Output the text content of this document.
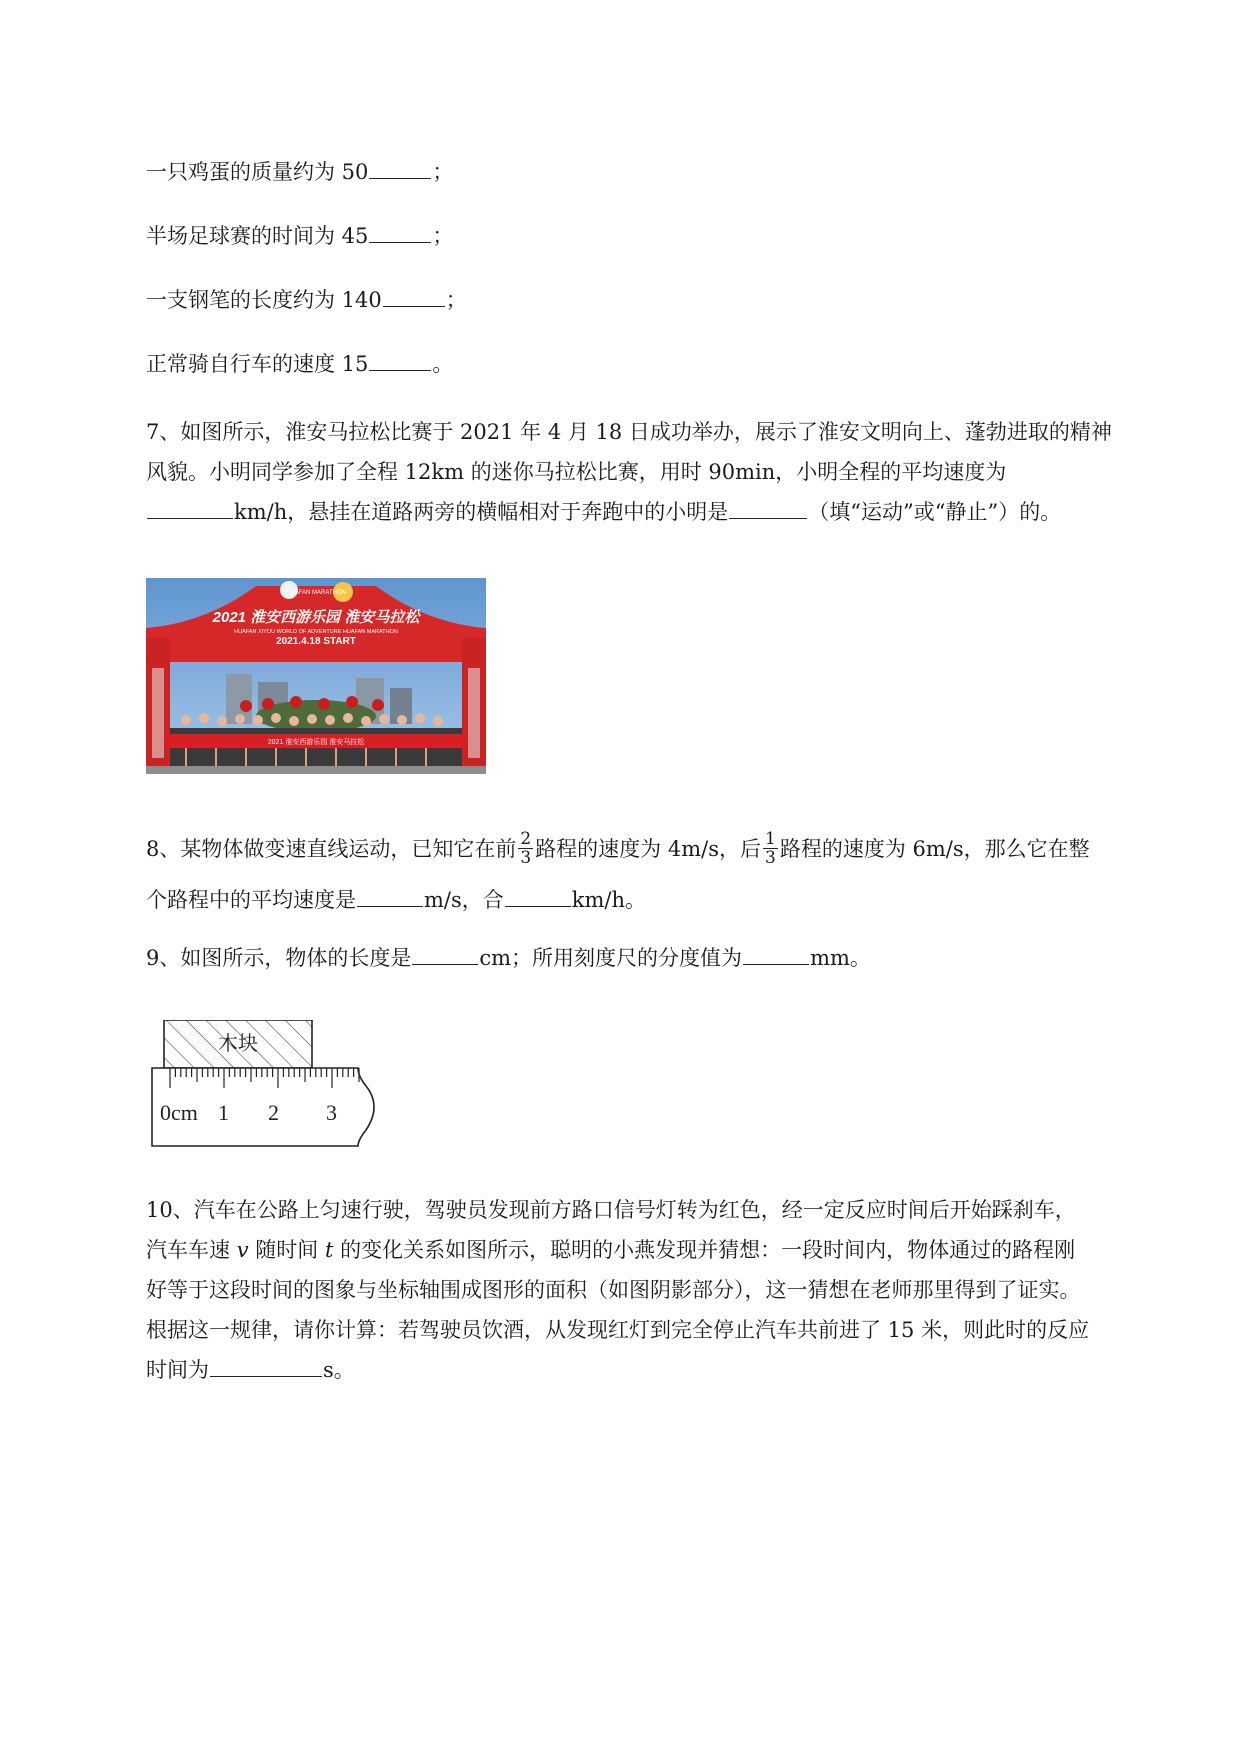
一只鸡蛋的质量约为 50	；
半场足球赛的时间为 45	；
一支钢笔的长度约为 140	；
正常骑自行车的速度 15	。
7、如图所示，淮安马拉松比赛于 2021 年 4 月 18 日成功举办，展示了淮安文明向上、蓬勃进取的精神
风貌。小明同学参加了全程 12km 的迷你马拉松比赛，用时 90min，小明全程的平均速度为
km/h，悬挂在道路两旁的横幅相对于奔跑中的小明是	（填“运动”或“静止”）的。
HUAFAN MARATHON
2021 淮安西游乐园 淮安马拉松
HUAFAN XIYOU WORLD OF ADVENTURE HUAFAN MARATHON
2021.4.18 START
2021 淮安西游乐园 淮安马拉松
8、某物体做变速直线运动，已知它在前 $\frac{2}{3}$ 路程的速度为 4m/s，后 $\frac{1}{3}$ 路程的速度为 6m/s，那么它在整
个路程中的平均速度是	m/s，合	km/h。
9、如图所示，物体的长度是	cm；所用刻度尺的分度值为	mm。
木块
0cm 1 2 3
10、汽车在公路上匀速行驶，驾驶员发现前方路口信号灯转为红色，经一定反应时间后开始踩刹车，
汽车车速 v 随时间 t 的变化关系如图所示，聪明的小燕发现并猜想：一段时间内，物体通过的路程刚
好等于这段时间的图象与坐标轴围成图形的面积（如图阴影部分），这一猜想在老师那里得到了证实。
根据这一规律，请你计算：若驾驶员饮酒，从发现红灯到完全停止汽车共前进了 15 米，则此时的反应
时间为	s。
